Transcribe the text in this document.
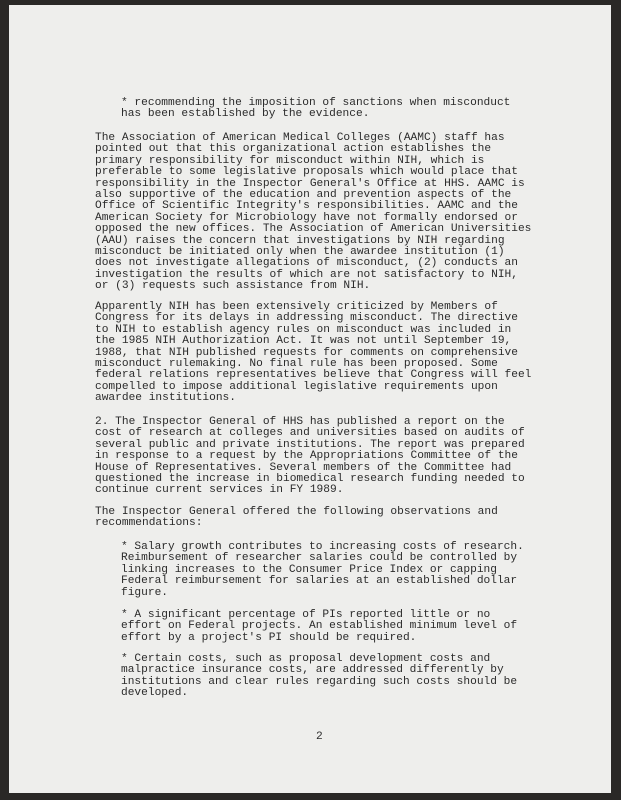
* recommending the imposition of sanctions when misconduct
has been established by the evidence.
The Association of American Medical Colleges (AAMC) staff has
pointed out that this organizational action establishes the
primary responsibility for misconduct within NIH, which is
preferable to some legislative proposals which would place that
responsibility in the Inspector General's Office at HHS. AAMC is
also supportive of the education and prevention aspects of the
Office of Scientific Integrity's responsibilities. AAMC and the
American Society for Microbiology have not formally endorsed or
opposed the new offices. The Association of American Universities
(AAU) raises the concern that investigations by NIH regarding
misconduct be initiated only when the awardee institution (1)
does not investigate allegations of misconduct, (2) conducts an
investigation the results of which are not satisfactory to NIH,
or (3) requests such assistance from NIH.
Apparently NIH has been extensively criticized by Members of
Congress for its delays in addressing misconduct. The directive
to NIH to establish agency rules on misconduct was included in
the 1985 NIH Authorization Act. It was not until September 19,
1988, that NIH published requests for comments on comprehensive
misconduct rulemaking. No final rule has been proposed. Some
federal relations representatives believe that Congress will feel
compelled to impose additional legislative requirements upon
awardee institutions.
2. The Inspector General of HHS has published a report on the
cost of research at colleges and universities based on audits of
several public and private institutions. The report was prepared
in response to a request by the Appropriations Committee of the
House of Representatives. Several members of the Committee had
questioned the increase in biomedical research funding needed to
continue current services in FY 1989.
The Inspector General offered the following observations and
recommendations:
* Salary growth contributes to increasing costs of research.
Reimbursement of researcher salaries could be controlled by
linking increases to the Consumer Price Index or capping
Federal reimbursement for salaries at an established dollar
figure.
* A significant percentage of PIs reported little or no
effort on Federal projects. An established minimum level of
effort by a project's PI should be required.
* Certain costs, such as proposal development costs and
malpractice insurance costs, are addressed differently by
institutions and clear rules regarding such costs should be
developed.
2
